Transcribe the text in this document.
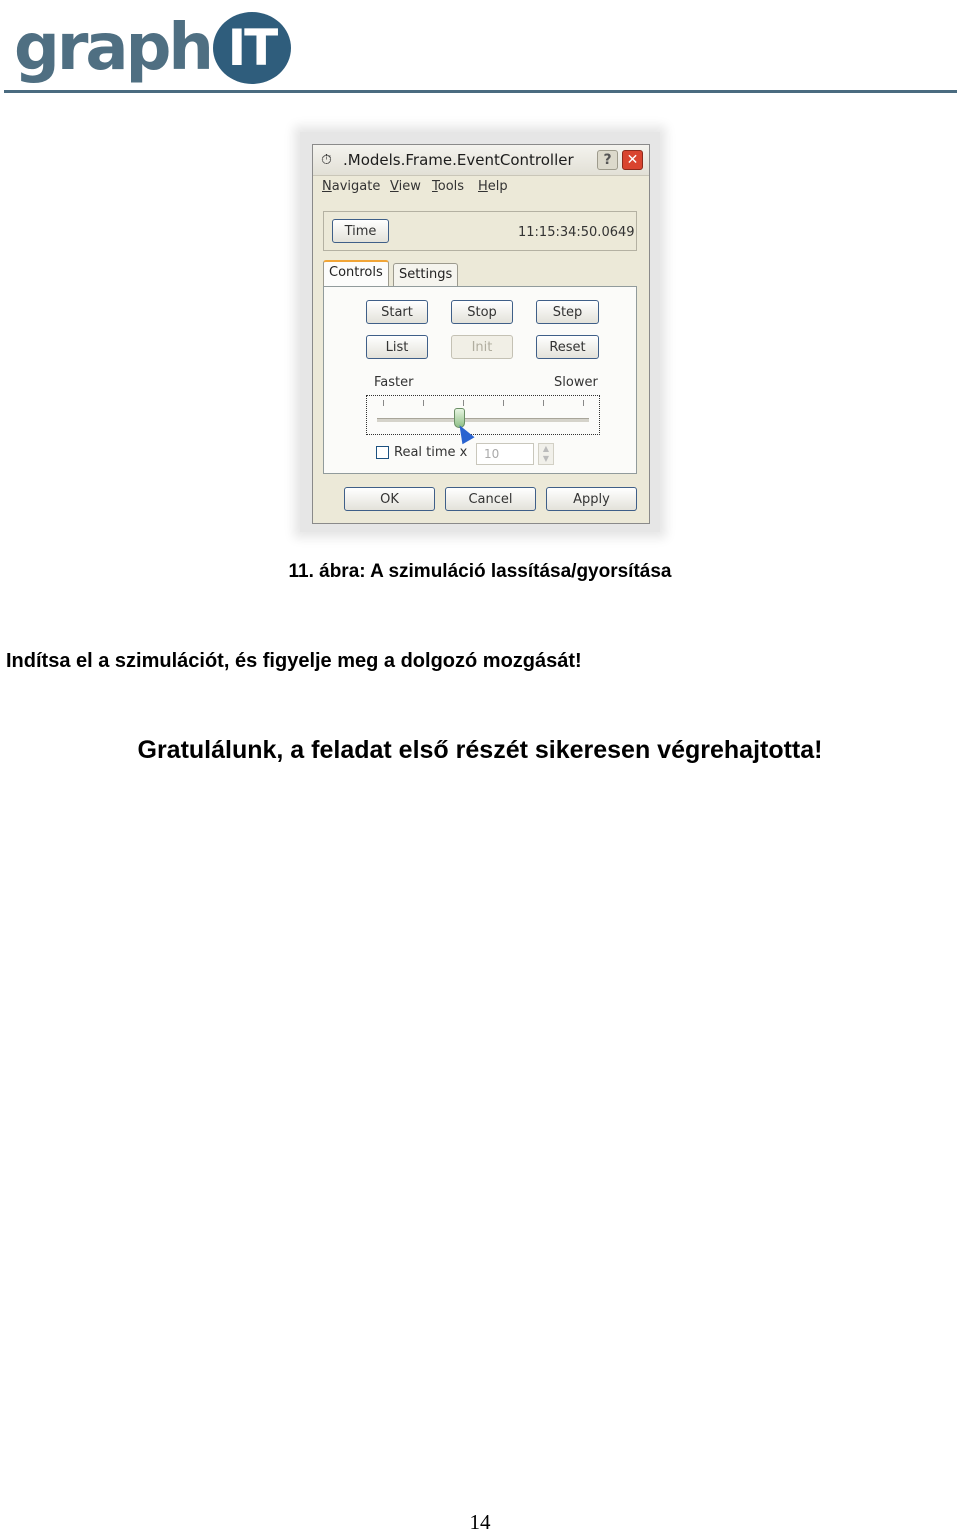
graph IT
⏱ .Models.Frame.EventController	?	✕
Navigate View Tools Help
Time	11:15:34:50.0649
Controls	Settings
Start	Stop	Step
List	Init	Reset
Faster	Slower
Real time x	10	▲
▼
OK	Cancel	Apply
11. ábra: A szimuláció lassítása/gyorsítása
Indítsa el a szimulációt, és figyelje meg a dolgozó mozgását!
Gratulálunk, a feladat első részét sikeresen végrehajtotta!
14
